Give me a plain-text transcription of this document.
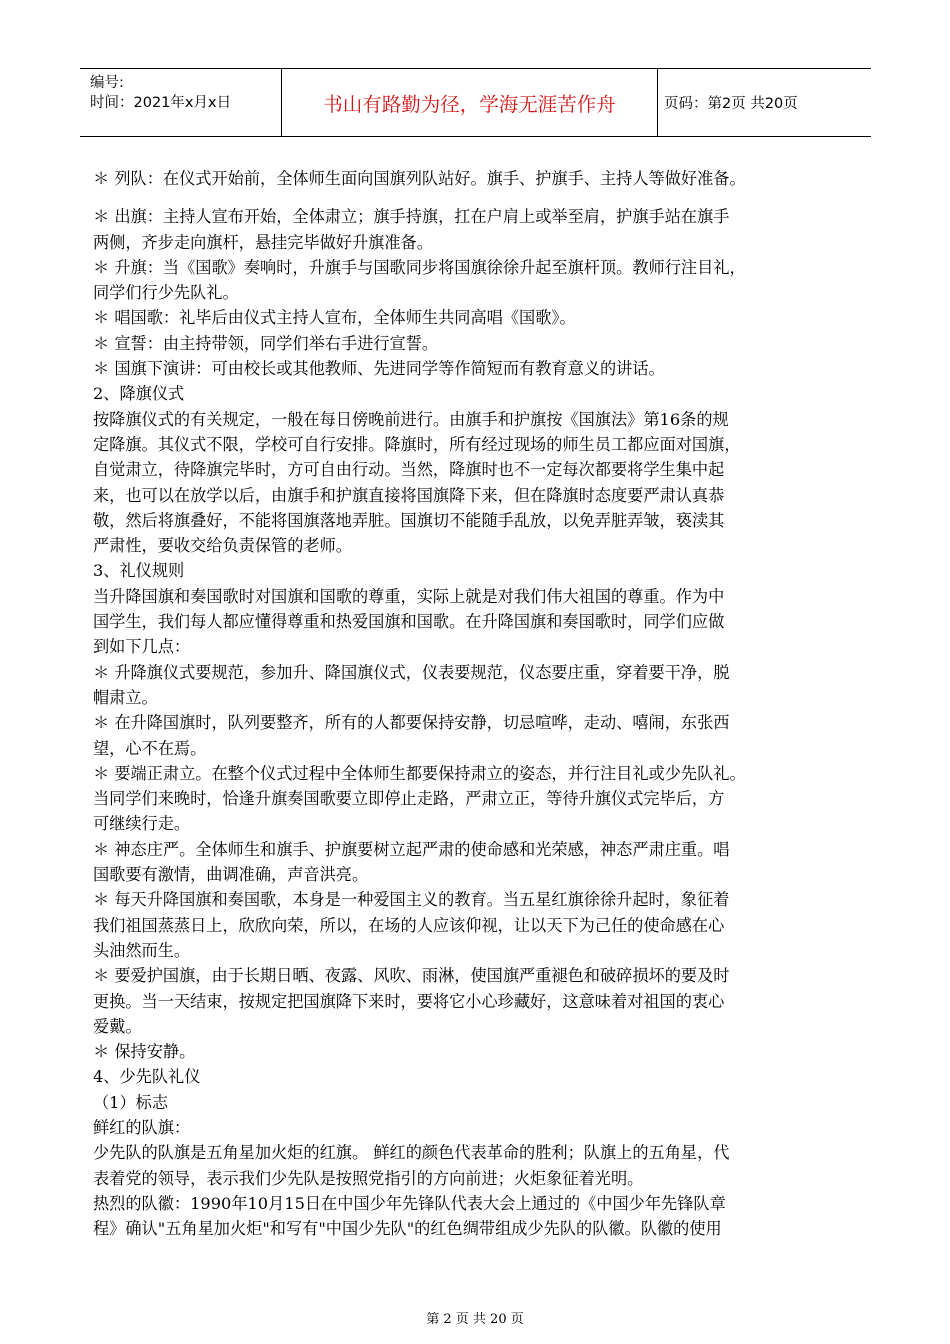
编号:
时间：2021年x月x日	书山有路勤为径，学海无涯苦作舟	页码：第2页 共20页

＊ 列队：在仪式开始前，全体师生面向国旗列队站好。旗手、护旗手、主持人等做好准备。

＊ 出旗：主持人宣布开始，全体肃立；旗手持旗，扛在户肩上或举至肩，护旗手站在旗手

两侧，齐步走向旗杆，悬挂完毕做好升旗准备。

＊ 升旗：当《国歌》奏响时，升旗手与国歌同步将国旗徐徐升起至旗杆顶。教师行注目礼，

同学们行少先队礼。

＊ 唱国歌：礼毕后由仪式主持人宣布，全体师生共同高唱《国歌》。

＊ 宣誓：由主持带领，同学们举右手进行宣誓。

＊ 国旗下演讲：可由校长或其他教师、先进同学等作简短而有教育意义的讲话。

2、降旗仪式

按降旗仪式的有关规定，一般在每日傍晚前进行。由旗手和护旗按《国旗法》第16条的规

定降旗。其仪式不限，学校可自行安排。降旗时，所有经过现场的师生员工都应面对国旗，

自觉肃立，待降旗完毕时，方可自由行动。当然，降旗时也不一定每次都要将学生集中起

来，也可以在放学以后，由旗手和护旗直接将国旗降下来，但在降旗时态度要严肃认真恭

敬，然后将旗叠好，不能将国旗落地弄脏。国旗切不能随手乱放，以免弄脏弄皱，亵渎其

严肃性，要收交给负责保管的老师。

3、礼仪规则

当升降国旗和奏国歌时对国旗和国歌的尊重，实际上就是对我们伟大祖国的尊重。作为中

国学生，我们每人都应懂得尊重和热爱国旗和国歌。在升降国旗和奏国歌时，同学们应做

到如下几点：

＊ 升降旗仪式要规范，参加升、降国旗仪式，仪表要规范，仪态要庄重，穿着要干净，脱

帽肃立。

＊ 在升降国旗时，队列要整齐，所有的人都要保持安静，切忌喧哗，走动、嘻闹，东张西

望，心不在焉。

＊ 要端正肃立。在整个仪式过程中全体师生都要保持肃立的姿态，并行注目礼或少先队礼。

当同学们来晚时，恰逢升旗奏国歌要立即停止走路，严肃立正，等待升旗仪式完毕后，方

可继续行走。

＊ 神态庄严。全体师生和旗手、护旗要树立起严肃的使命感和光荣感，神态严肃庄重。唱

国歌要有激情，曲调准确，声音洪亮。

＊ 每天升降国旗和奏国歌，本身是一种爱国主义的教育。当五星红旗徐徐升起时，象征着

我们祖国蒸蒸日上，欣欣向荣，所以，在场的人应该仰视，让以天下为己任的使命感在心

头油然而生。

＊ 要爱护国旗，由于长期日晒、夜露、风吹、雨淋，使国旗严重褪色和破碎损坏的要及时

更换。当一天结束，按规定把国旗降下来时，要将它小心珍藏好，这意味着对祖国的衷心

爱戴。

＊ 保持安静。

4、少先队礼仪

（1）标志

鲜红的队旗：

少先队的队旗是五角星加火炬的红旗。 鲜红的颜色代表革命的胜利；队旗上的五角星，代

表着党的领导，表示我们少先队是按照党指引的方向前进；火炬象征着光明。

热烈的队徽：1990年10月15日在中国少年先锋队代表大会上通过的《中国少年先锋队章

程》确认"五角星加火炬"和写有"中国少先队"的红色绸带组成少先队的队徽。队徽的使用

第 2 页 共 20 页
